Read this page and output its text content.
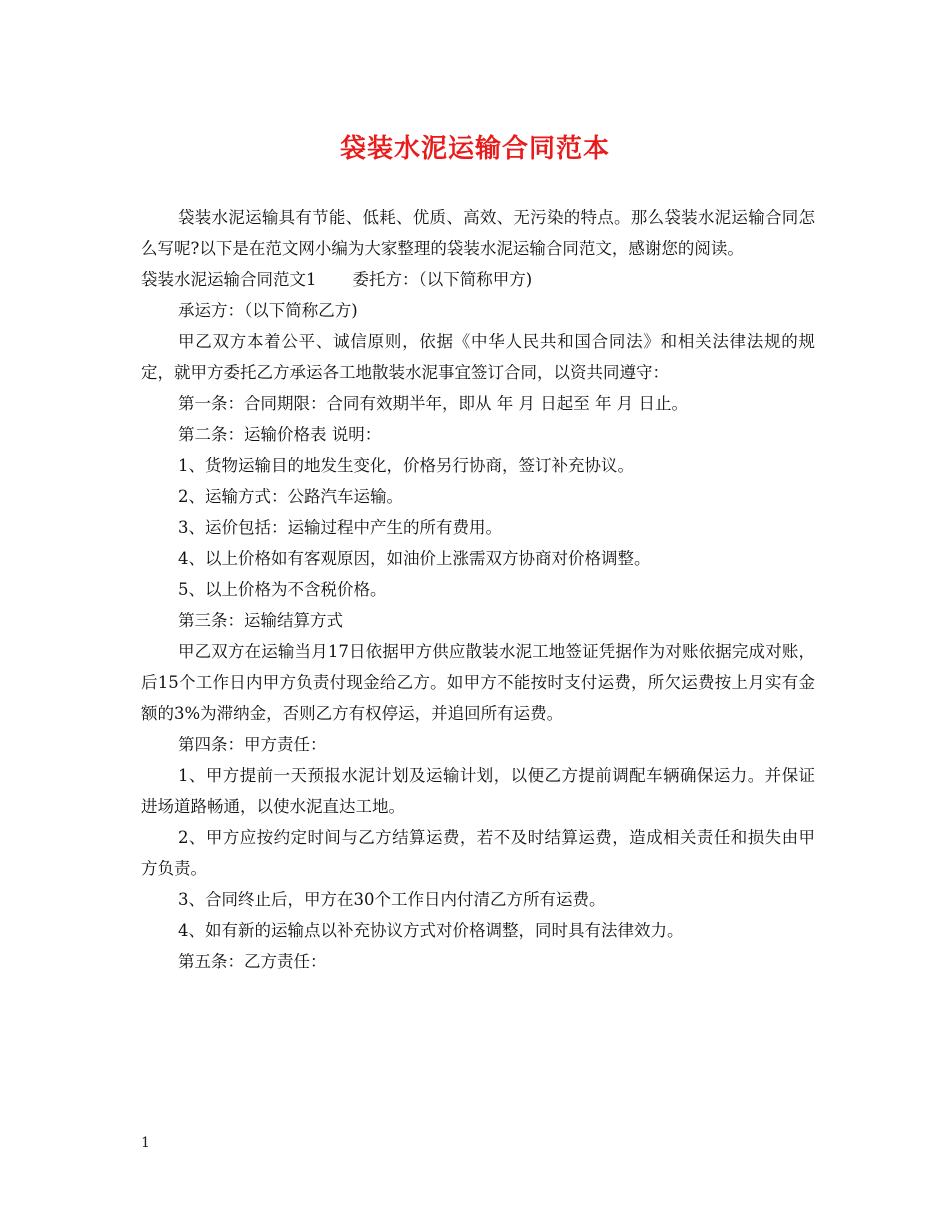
袋装水泥运输合同范本

袋装水泥运输具有节能、低耗、优质、高效、无污染的特点。那么袋装水泥运输合同怎么写呢?以下是在范文网小编为大家整理的袋装水泥运输合同范文，感谢您的阅读。

袋装水泥运输合同范文1 委托方：（以下简称甲方)

承运方：（以下简称乙方)

甲乙双方本着公平、诚信原则，依据《中华人民共和国合同法》和相关法律法规的规定，就甲方委托乙方承运各工地散装水泥事宜签订合同，以资共同遵守：

第一条：合同期限：合同有效期半年，即从 年 月 日起至 年 月 日止。

第二条：运输价格表 说明：

1、货物运输目的地发生变化，价格另行协商，签订补充协议。

2、运输方式：公路汽车运输。

3、运价包括：运输过程中产生的所有费用。

4、以上价格如有客观原因，如油价上涨需双方协商对价格调整。

5、以上价格为不含税价格。

第三条：运输结算方式

甲乙双方在运输当月17日依据甲方供应散装水泥工地签证凭据作为对账依据完成对账，后15个工作日内甲方负责付现金给乙方。如甲方不能按时支付运费，所欠运费按上月实有金额的3%为滞纳金，否则乙方有权停运，并追回所有运费。

第四条：甲方责任：

1、甲方提前一天预报水泥计划及运输计划，以便乙方提前调配车辆确保运力。并保证进场道路畅通，以使水泥直达工地。

2、甲方应按约定时间与乙方结算运费，若不及时结算运费，造成相关责任和损失由甲方负责。

3、合同终止后，甲方在30个工作日内付清乙方所有运费。

4、如有新的运输点以补充协议方式对价格调整，同时具有法律效力。

第五条：乙方责任：

1
